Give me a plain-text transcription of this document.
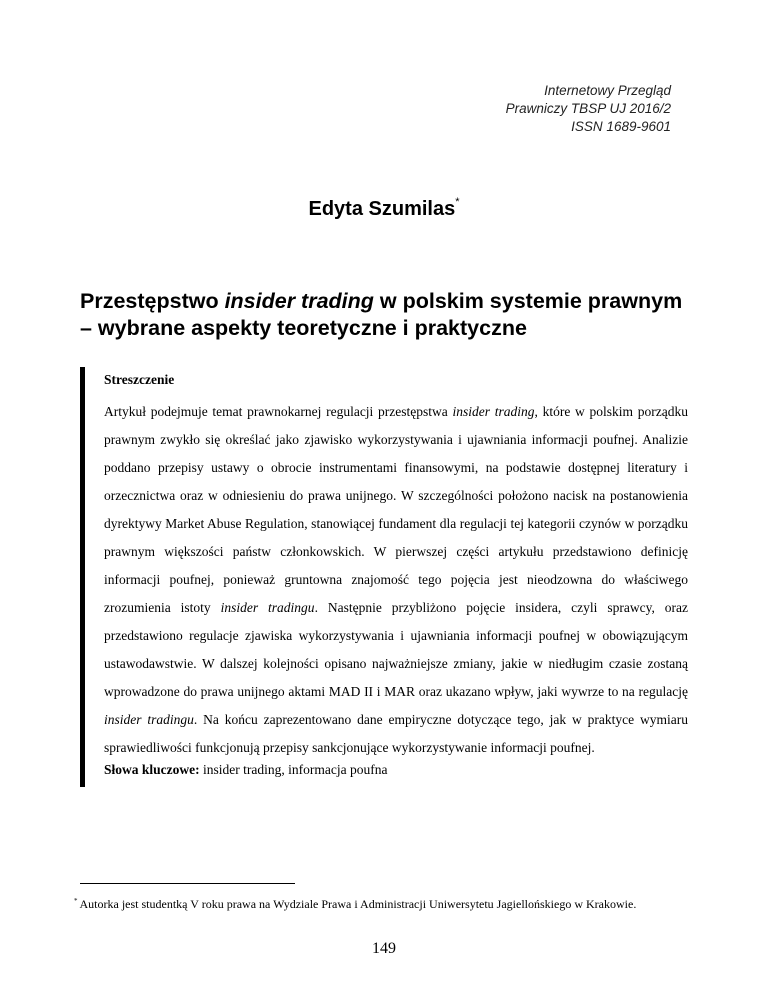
Internetowy Przegląd
Prawniczy TBSP UJ 2016/2
ISSN 1689-9601
Edyta Szumilas*
Przestępstwo insider trading w polskim systemie prawnym – wybrane aspekty teoretyczne i praktyczne
Streszczenie

Artykuł podejmuje temat prawnokarnej regulacji przestępstwa insider trading, które w polskim porządku prawnym zwykło się określać jako zjawisko wykorzystywania i ujawniania informacji poufnej. Analizie poddano przepisy ustawy o obrocie instrumentami finansowymi, na podstawie dostępnej literatury i orzecznictwa oraz w odniesieniu do prawa unijnego. W szczególności położono nacisk na postanowienia dyrektywy Market Abuse Regulation, stanowiącej fundament dla regulacji tej kategorii czynów w porządku prawnym większości państw członkowskich. W pierwszej części artykułu przedstawiono definicję informacji poufnej, ponieważ gruntowna znajomość tego pojęcia jest nieodzowna do właściwego zrozumienia istoty insider tradingu. Następnie przybliżono pojęcie insidera, czyli sprawcy, oraz przedstawiono regulacje zjawiska wykorzystywania i ujawniania informacji poufnej w obowiązującym ustawodawstwie. W dalszej kolejności opisano najważniejsze zmiany, jakie w niedługim czasie zostaną wprowadzone do prawa unijnego aktami MAD II i MAR oraz ukazano wpływ, jaki wywrze to na regulację insider tradingu. Na końcu zaprezentowano dane empiryczne dotyczące tego, jak w praktyce wymiaru sprawiedliwości funkcjonują przepisy sankcjonujące wykorzystywanie informacji poufnej.

Słowa kluczowe: insider trading, informacja poufna

* Autorka jest studentką V roku prawa na Wydziale Prawa i Administracji Uniwersytetu Jagiellońskiego w Krakowie.

149
